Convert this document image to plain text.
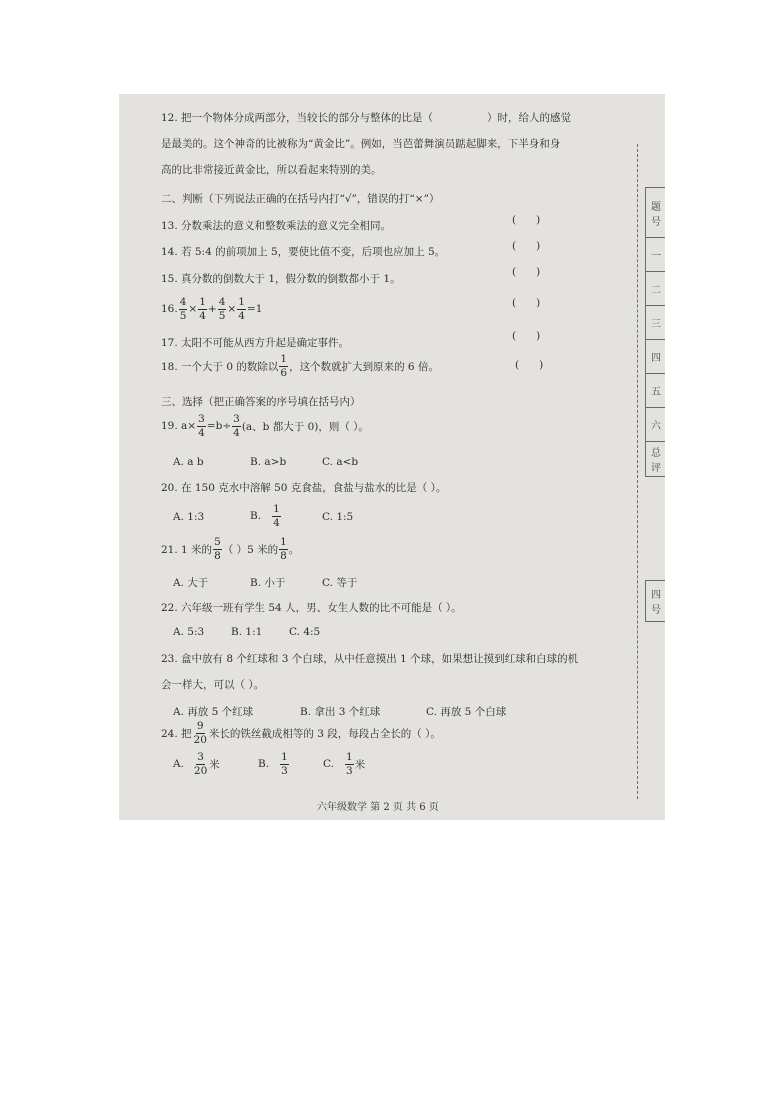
12. 把一个物体分成两部分，当较长的部分与整体的比是（	）时，给人的感觉
是最美的。这个神奇的比被称为“黄金比”。例如，当芭蕾舞演员踮起脚来，下半身和身
高的比非常接近黄金比，所以看起来特别的美。
二、判断（下列说法正确的在括号内打“√”，错误的打“×”）
13. 分数乘法的意义和整数乘法的意义完全相同。	(      )
14. 若 5:4 的前项加上 5，要使比值不变，后项也应加上 5。	(      )
15. 真分数的倒数大于 1，假分数的倒数都小于 1。
(      )
16. $\frac{4}{5} \times \frac{1}{4} + \frac{4}{5} \times \frac{1}{4} =1$	(      )
17. 太阳不可能从西方升起是确定事件。
(      )
18. 一个大于 0 的数除以 $\frac{1}{6}$ ，这个数就扩大到原来的 6 倍。	(      )
三、选择（把正确答案的序号填在括号内）
19. $a\times \frac{3}{4} =b\div \frac{3}{4} (a$、b 都大于 0)，则（ ）。
A. a b	B. a>b	C. a<b
20. 在 150 克水中溶解 50 克食盐，食盐与盐水的比是（ ）。
A. 1:3	B. $\frac{1}{4}$	C. 1:5
21. 1 米的 $\frac{5}{8}$ （ ）5 米的 $\frac{1}{8}$ 。
A. 大于	B. 小于	C. 等于
22. 六年级一班有学生 54 人，男、女生人数的比不可能是（ ）。
A. 5:3	B. 1:1	C. 4:5
23. 盒中放有 8 个红球和 3 个白球，从中任意摸出 1 个球，如果想让摸到红球和白球的机
会一样大，可以（ ）。
A. 再放 5 个红球	B. 拿出 3 个红球	C. 再放 5 个白球
24. 把 $\frac{9}{20}$ 米长的铁丝截成相等的 3 段，每段占全长的（ ）。
A. $\frac{3}{20}$ 米	B. $\frac{1}{3}$	C. $\frac{1}{3}$ 米
题号
一
二
三
四
五
六
总评
四号
六年级数学 第 2 页 共 6 页
